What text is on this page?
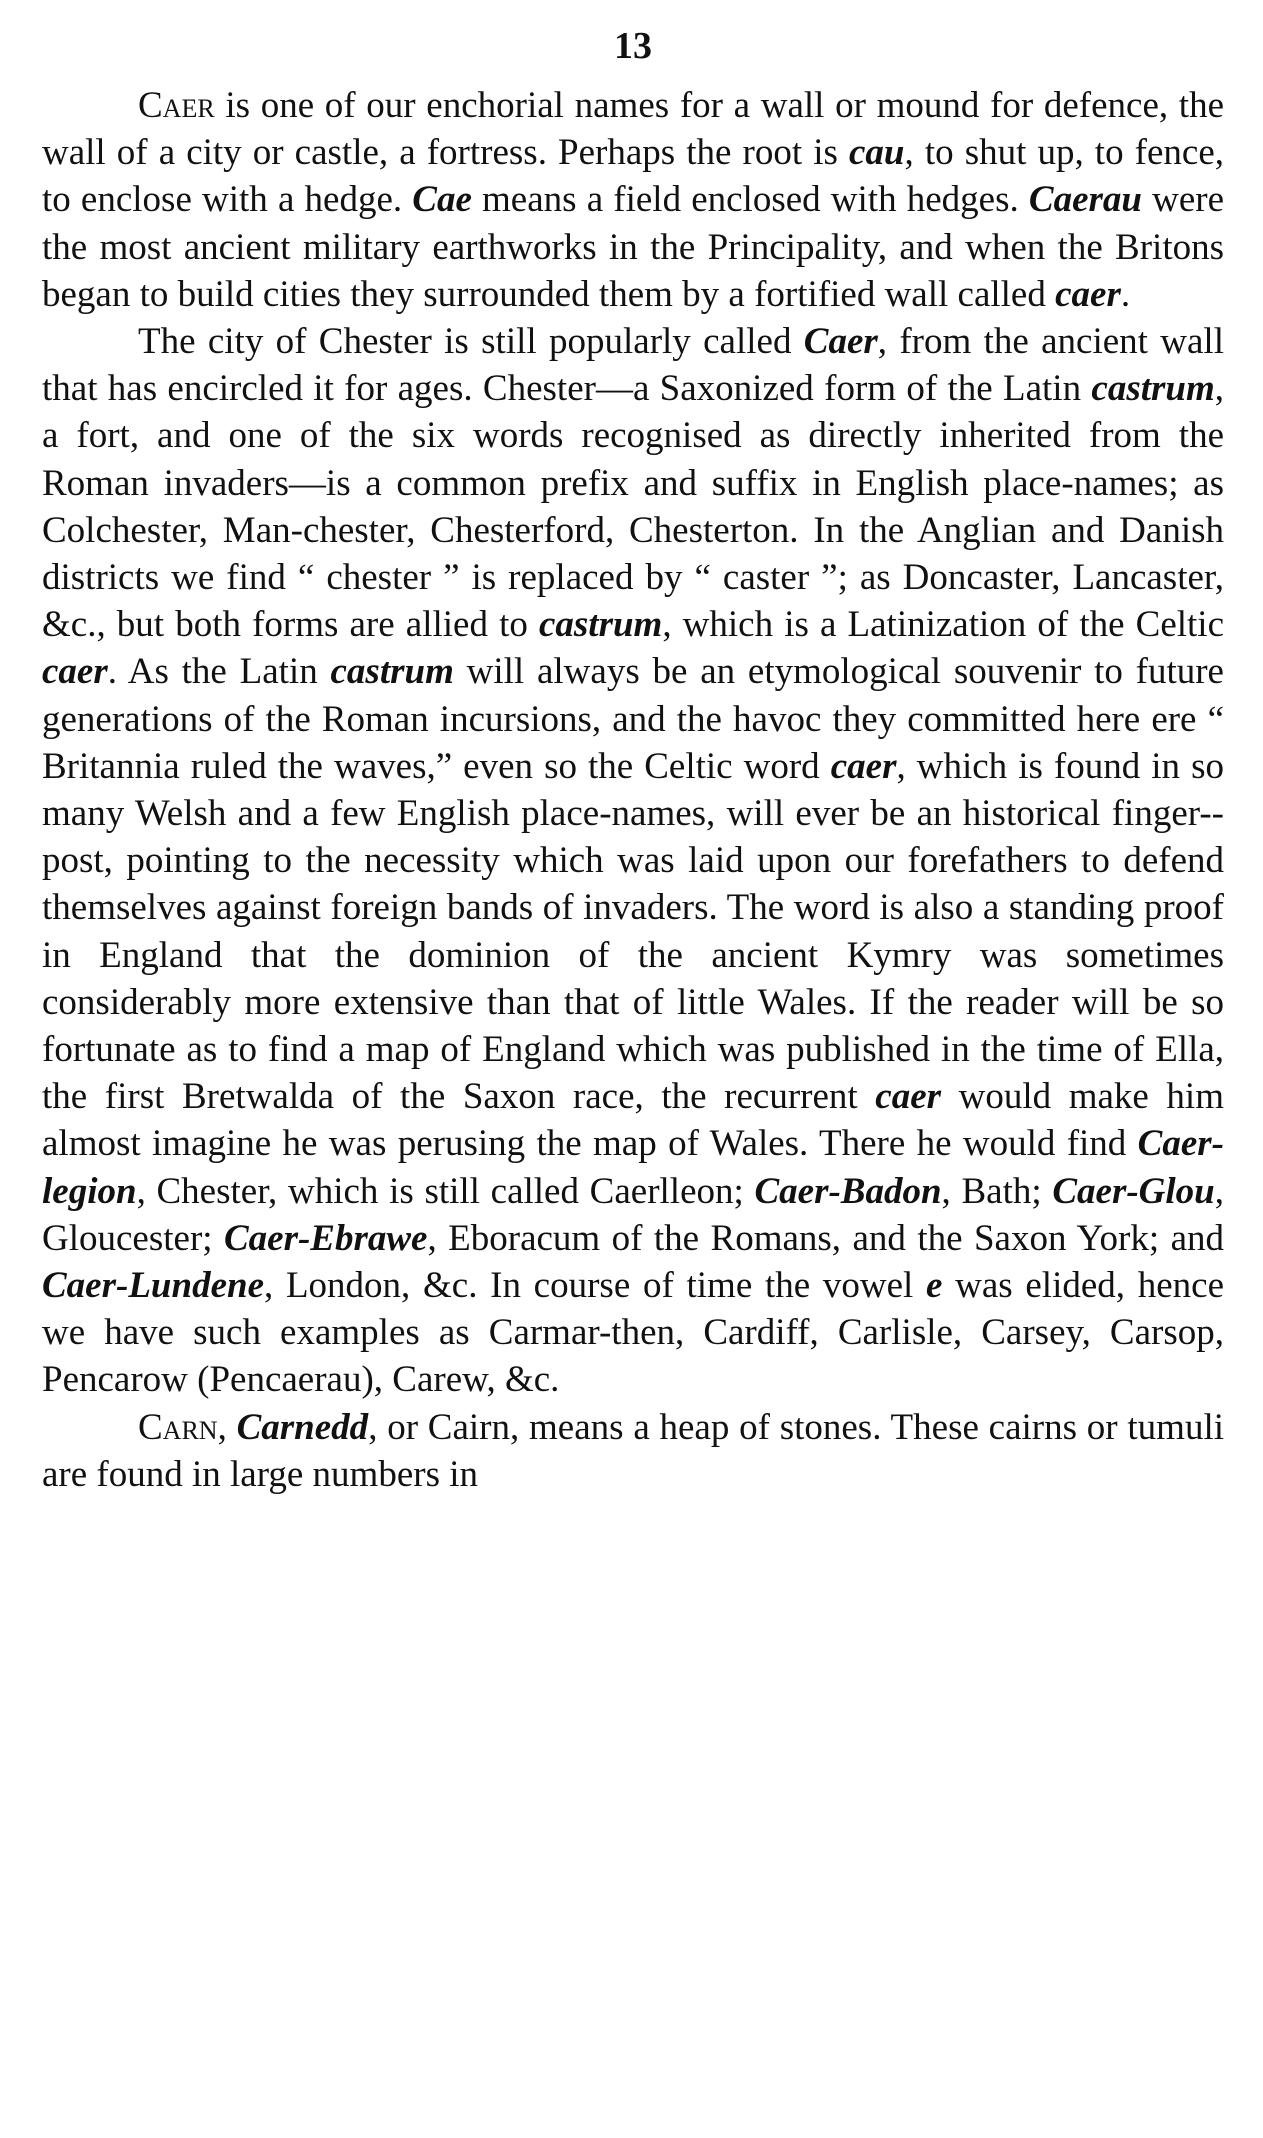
13

Caer is one of our enchorial names for a wall or mound for defence, the wall of a city or castle, a fortress. Perhaps the root is cau, to shut up, to fence, to enclose with a hedge. Cae means a field enclosed with hedges. Caerau were the most ancient military earthworks in the Principality, and when the Britons began to build cities they surrounded them by a fortified wall called caer.

The city of Chester is still popularly called Caer, from the ancient wall that has encircled it for ages. Chester—a Saxonized form of the Latin castrum, a fort, and one of the six words recognised as directly inherited from the Roman invaders—is a common prefix and suffix in English place-names; as Colchester, Man-chester, Chesterford, Chesterton. In the Anglian and Danish districts we find “ chester ” is replaced by “ caster ”; as Doncaster, Lancaster, &c., but both forms are allied to castrum, which is a Latinization of the Celtic caer. As the Latin castrum will always be an etymological souvenir to future generations of the Roman incursions, and the havoc they committed here ere “ Britannia ruled the waves,” even so the Celtic word caer, which is found in so many Welsh and a few English place-names, will ever be an historical finger-post, pointing to the necessity which was laid upon our forefathers to defend themselves against foreign bands of invaders. The word is also a standing proof in England that the dominion of the ancient Kymry was sometimes considerably more extensive than that of little Wales. If the reader will be so fortunate as to find a map of England which was published in the time of Ella, the first Bretwalda of the Saxon race, the recurrent caer would make him almost imagine he was perusing the map of Wales. There he would find Caer-legion, Chester, which is still called Caerlleon; Caer-Badon, Bath; Caer-Glou, Gloucester; Caer-Ebrawe, Eboracum of the Romans, and the Saxon York; and Caer-Lundene, London, &c. In course of time the vowel e was elided, hence we have such examples as Carmar-then, Cardiff, Carlisle, Carsey, Carsop, Pencarow (Pencaerau), Carew, &c.

Carn, Carnedd, or Cairn, means a heap of stones. These cairns or tumuli are found in large numbers in
